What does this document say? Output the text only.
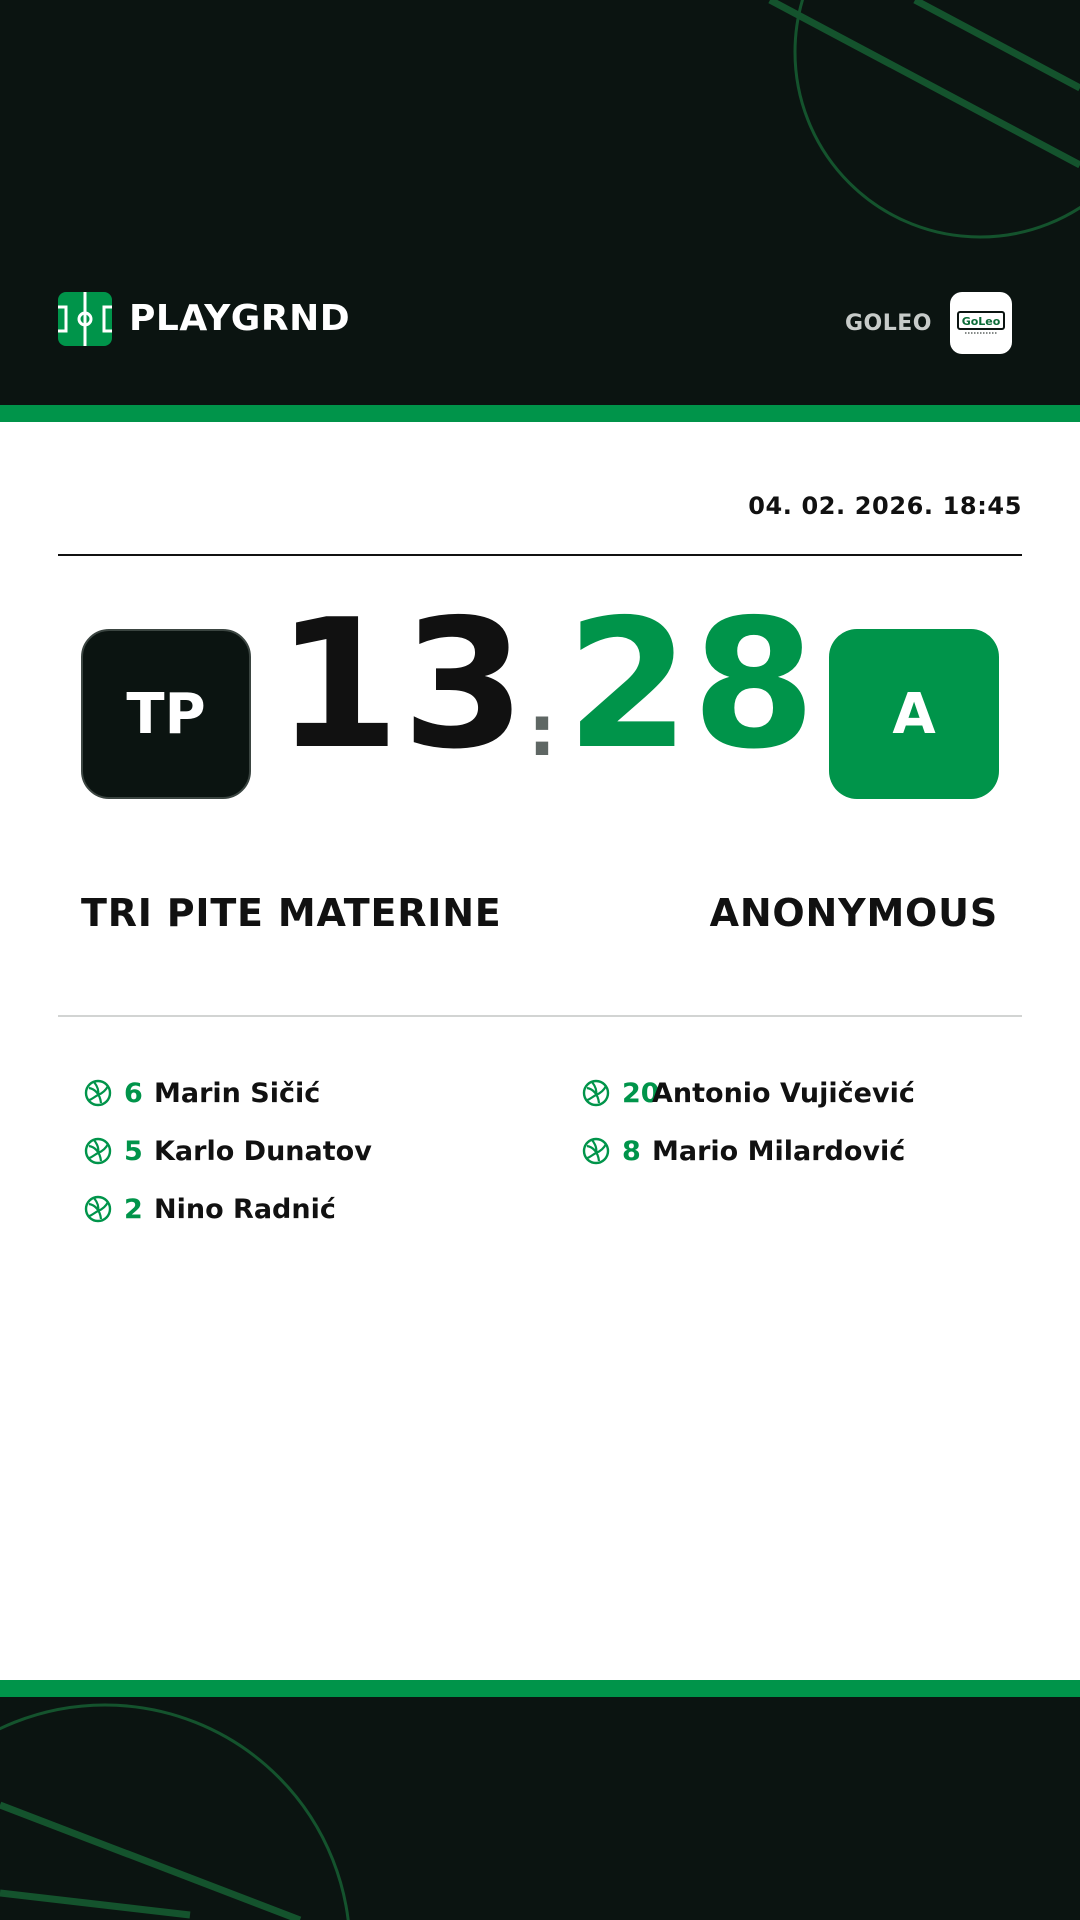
PLAYGRND	GOLEO	GoLeo
04. 02. 2026. 18:45
TP 13 : 28	A
TRI PITE MATERINE	ANONYMOUS
6 Marin Sičić
5 Karlo Dunatov
2 Nino Radnić
20
Antonio Vujičević
8 Mario Milardović
